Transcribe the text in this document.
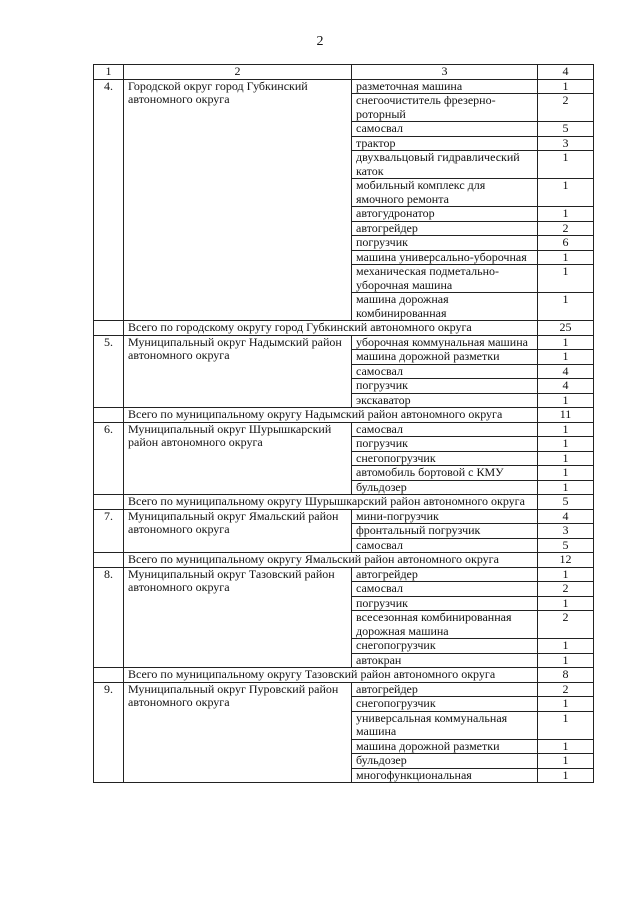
2
1	2	3	4
4.	Городской округ город Губкинский автономного округа	разметочная машина	1
		снегоочиститель фрезерно-роторный	2
		самосвал	5
		трактор	3
		двухвальцовый гидравлический каток	1
		мобильный комплекс для ямочного ремонта	1
		автогудронатор	1
		автогрейдер	2
		погрузчик	6
		машина универсально-уборочная	1
		механическая подметально-уборочная машина	1
		машина дорожная комбинированная	1
	Всего по городскому округу город Губкинский автономного округа		25
5.	Муниципальный округ Надымский район автономного округа	уборочная коммунальная машина	1
		машина дорожной разметки	1
		самосвал	4
		погрузчик	4
		экскаватор	1
	Всего по муниципальному округу Надымский район автономного округа		11
6.	Муниципальный округ Шурышкарский район автономного округа	самосвал	1
		погрузчик	1
		снегопогрузчик	1
		автомобиль бортовой с КМУ	1
		бульдозер	1
	Всего по муниципальному округу Шурышкарский район автономного округа		5
7.	Муниципальный округ Ямальский район автономного округа	мини-погрузчик	4
		фронтальный погрузчик	3
		самосвал	5
	Всего по муниципальному округу Ямальский район автономного округа		12
8.	Муниципальный округ Тазовский район автономного округа	автогрейдер	1
		самосвал	2
		погрузчик	1
		всесезонная комбинированная дорожная машина	2
		снегопогрузчик	1
		автокран	1
	Всего по муниципальному округу Тазовский район автономного округа		8
9.	Муниципальный округ Пуровский район автономного округа	автогрейдер	2
		снегопогрузчик	1
		универсальная коммунальная машина	1
		машина дорожной разметки	1
		бульдозер	1
		многофункциональная	1
